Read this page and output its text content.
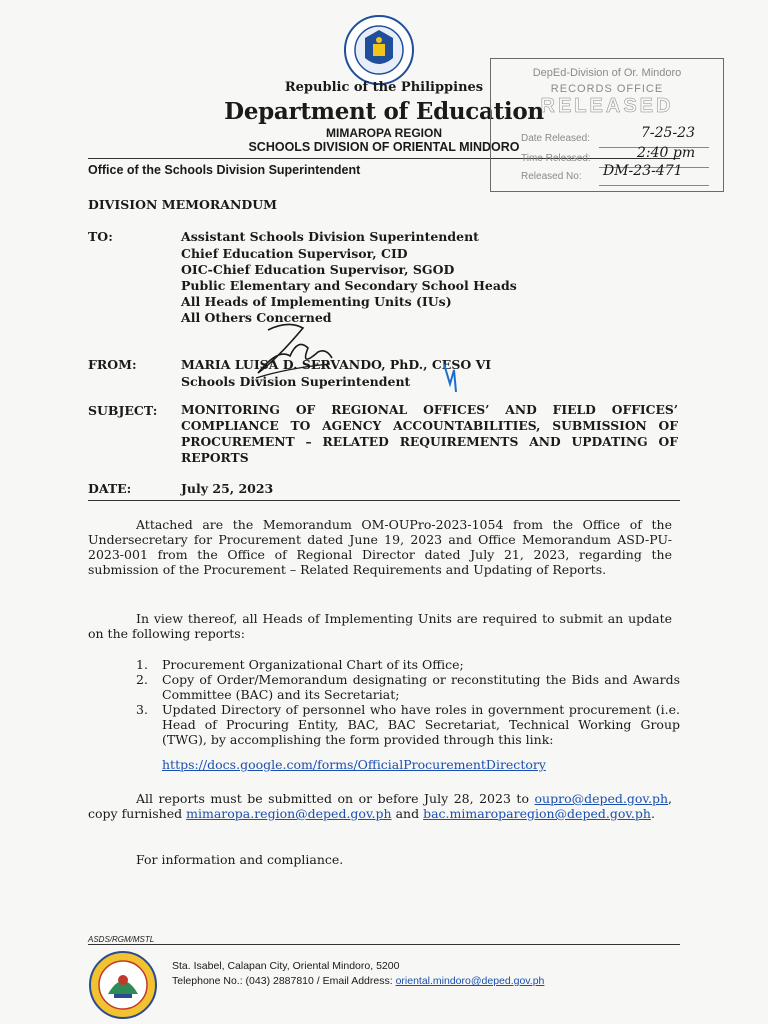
Republic of the Philippines
Department of Education
MIMAROPA REGION
SCHOOLS DIVISION OF ORIENTAL MINDORO
Office of the Schools Division Superintendent
DepEd-Division of Or. Mindoro
RECORDS OFFICE
RELEASED
Date Released:	7-25-23
Time Released:	2:40 pm
Released No: DM-23-471
DIVISION MEMORANDUM
TO:	Assistant Schools Division Superintendent
Chief Education Supervisor, CID
OIC-Chief Education Supervisor, SGOD
Public Elementary and Secondary School Heads
All Heads of Implementing Units (IUs)
All Others Concerned
FROM:	MARIA LUISA D. SERVANDO, PhD., CESO VI
Schools Division Superintendent
SUBJECT: MONITORING OF REGIONAL OFFICES’ AND FIELD OFFICES’ COMPLIANCE TO AGENCY ACCOUNTABILITIES, SUBMISSION OF PROCUREMENT – RELATED REQUIREMENTS AND UPDATING OF REPORTS
DATE:	July 25, 2023
Attached are the Memorandum OM-OUPro-2023-1054 from the Office of the Undersecretary for Procurement dated June 19, 2023 and Office Memorandum ASD-PU-2023-001 from the Office of Regional Director dated July 21, 2023, regarding the submission of the Procurement – Related Requirements and Updating of Reports.
In view thereof, all Heads of Implementing Units are required to submit an update on the following reports:
1. Procurement Organizational Chart of its Office;
2. Copy of Order/Memorandum designating or reconstituting the Bids and Awards Committee (BAC) and its Secretariat;
3. Updated Directory of personnel who have roles in government procurement (i.e. Head of Procuring Entity, BAC, BAC Secretariat, Technical Working Group (TWG), by accomplishing the form provided through this link:
https://docs.google.com/forms/OfficialProcurementDirectory
All reports must be submitted on or before July 28, 2023 to oupro@deped.gov.ph, copy furnished mimaropa.region@deped.gov.ph and bac.mimaroparegion@deped.gov.ph.
For information and compliance.
ASDS/RGM/MSTL
Sta. Isabel, Calapan City, Oriental Mindoro, 5200
Telephone No.: (043) 2887810 / Email Address: oriental.mindoro@deped.gov.ph
